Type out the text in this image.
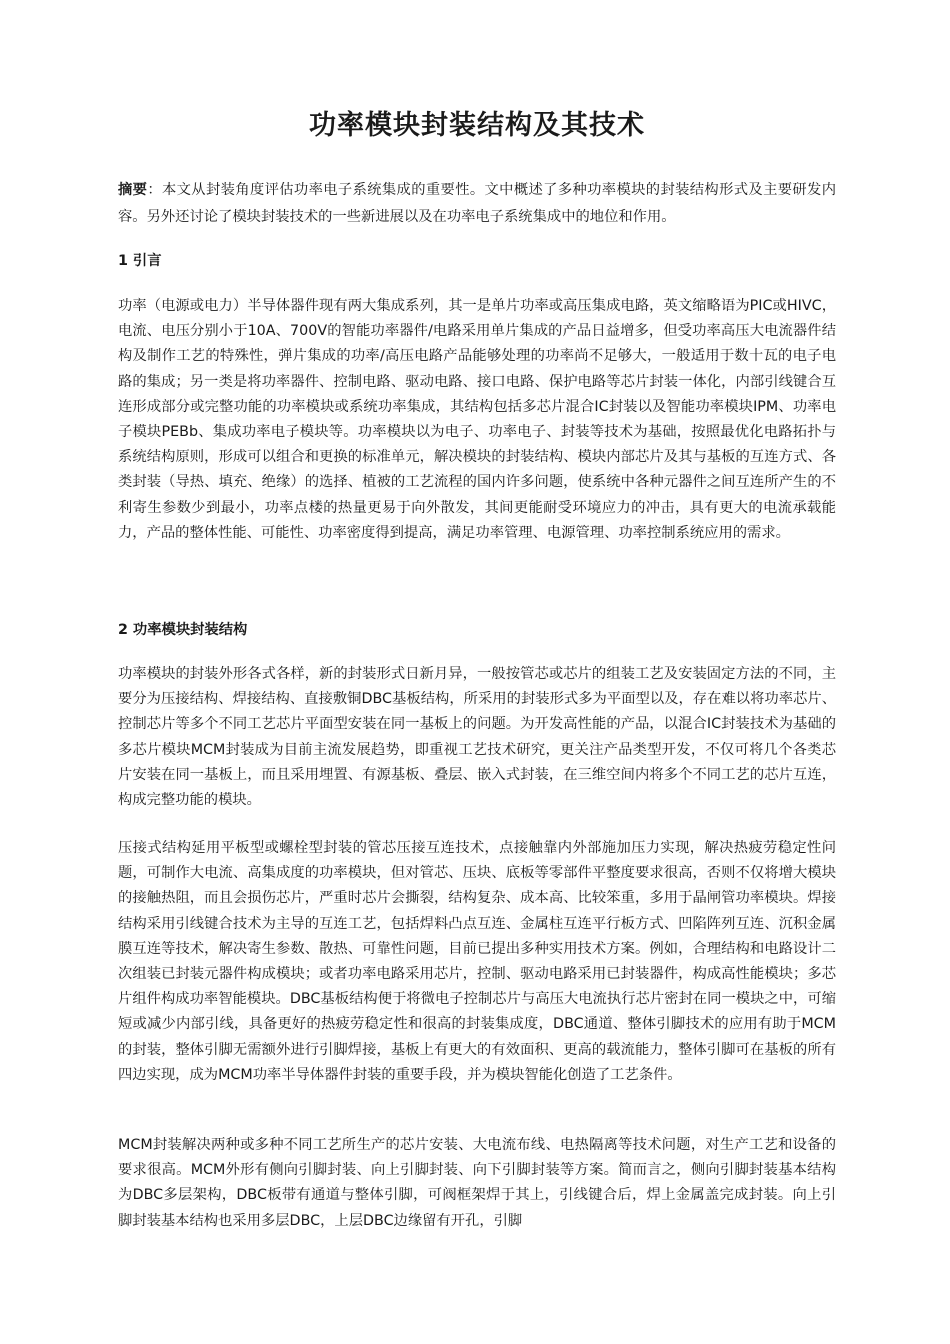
功率模块封装结构及其技术

摘要：本文从封装角度评估功率电子系统集成的重要性。文中概述了多种功率模块的封装结构形式及主要研发内容。另外还讨论了模块封装技术的一些新进展以及在功率电子系统集成中的地位和作用。

1 引言

功率（电源或电力）半导体器件现有两大集成系列，其一是单片功率或高压集成电路，英文缩略语为PIC或HIVC，电流、电压分别小于10A、700V的智能功率器件/电路采用单片集成的产品日益增多，但受功率高压大电流器件结构及制作工艺的特殊性，弹片集成的功率/高压电路产品能够处理的功率尚不足够大，一般适用于数十瓦的电子电路的集成；另一类是将功率器件、控制电路、驱动电路、接口电路、保护电路等芯片封装一体化，内部引线键合互连形成部分或完整功能的功率模块或系统功率集成，其结构包括多芯片混合IC封装以及智能功率模块IPM、功率电子模块PEBb、集成功率电子模块等。功率模块以为电子、功率电子、封装等技术为基础，按照最优化电路拓扑与系统结构原则，形成可以组合和更换的标准单元，解决模块的封装结构、模块内部芯片及其与基板的互连方式、各类封装（导热、填充、绝缘）的选择、植被的工艺流程的国内许多问题，使系统中各种元器件之间互连所产生的不利寄生参数少到最小，功率点楼的热量更易于向外散发，其间更能耐受环境应力的冲击，具有更大的电流承载能力，产品的整体性能、可能性、功率密度得到提高，满足功率管理、电源管理、功率控制系统应用的需求。

2 功率模块封装结构

功率模块的封装外形各式各样，新的封装形式日新月异，一般按管芯或芯片的组装工艺及安装固定方法的不同，主要分为压接结构、焊接结构、直接敷铜DBC基板结构，所采用的封装形式多为平面型以及，存在难以将功率芯片、控制芯片等多个不同工艺芯片平面型安装在同一基板上的问题。为开发高性能的产品，以混合IC封装技术为基础的多芯片模块MCM封装成为目前主流发展趋势，即重视工艺技术研究，更关注产品类型开发，不仅可将几个各类芯片安装在同一基板上，而且采用埋置、有源基板、叠层、嵌入式封装，在三维空间内将多个不同工艺的芯片互连，构成完整功能的模块。

压接式结构延用平板型或螺栓型封装的管芯压接互连技术，点接触靠内外部施加压力实现，解决热疲劳稳定性问题，可制作大电流、高集成度的功率模块，但对管芯、压块、底板等零部件平整度要求很高，否则不仅将增大模块的接触热阻，而且会损伤芯片，严重时芯片会撕裂，结构复杂、成本高、比较笨重，多用于晶闸管功率模块。焊接结构采用引线键合技术为主导的互连工艺，包括焊料凸点互连、金属柱互连平行板方式、凹陷阵列互连、沉积金属膜互连等技术，解决寄生参数、散热、可靠性问题，目前已提出多种实用技术方案。例如，合理结构和电路设计二次组装已封装元器件构成模块；或者功率电路采用芯片，控制、驱动电路采用已封装器件，构成高性能模块；多芯片组件构成功率智能模块。DBC基板结构便于将微电子控制芯片与高压大电流执行芯片密封在同一模块之中，可缩短或减少内部引线，具备更好的热疲劳稳定性和很高的封装集成度，DBC通道、整体引脚技术的应用有助于MCM的封装，整体引脚无需额外进行引脚焊接，基板上有更大的有效面积、更高的载流能力，整体引脚可在基板的所有四边实现，成为MCM功率半导体器件封装的重要手段，并为模块智能化创造了工艺条件。

MCM封装解决两种或多种不同工艺所生产的芯片安装、大电流布线、电热隔离等技术问题，对生产工艺和设备的要求很高。MCM外形有侧向引脚封装、向上引脚封装、向下引脚封装等方案。简而言之，侧向引脚封装基本结构为DBC多层架构，DBC板带有通道与整体引脚，可阀框架焊于其上，引线键合后，焊上金属盖完成封装。向上引脚封装基本结构也采用多层DBC，上层DBC边缘留有开孔，引脚
